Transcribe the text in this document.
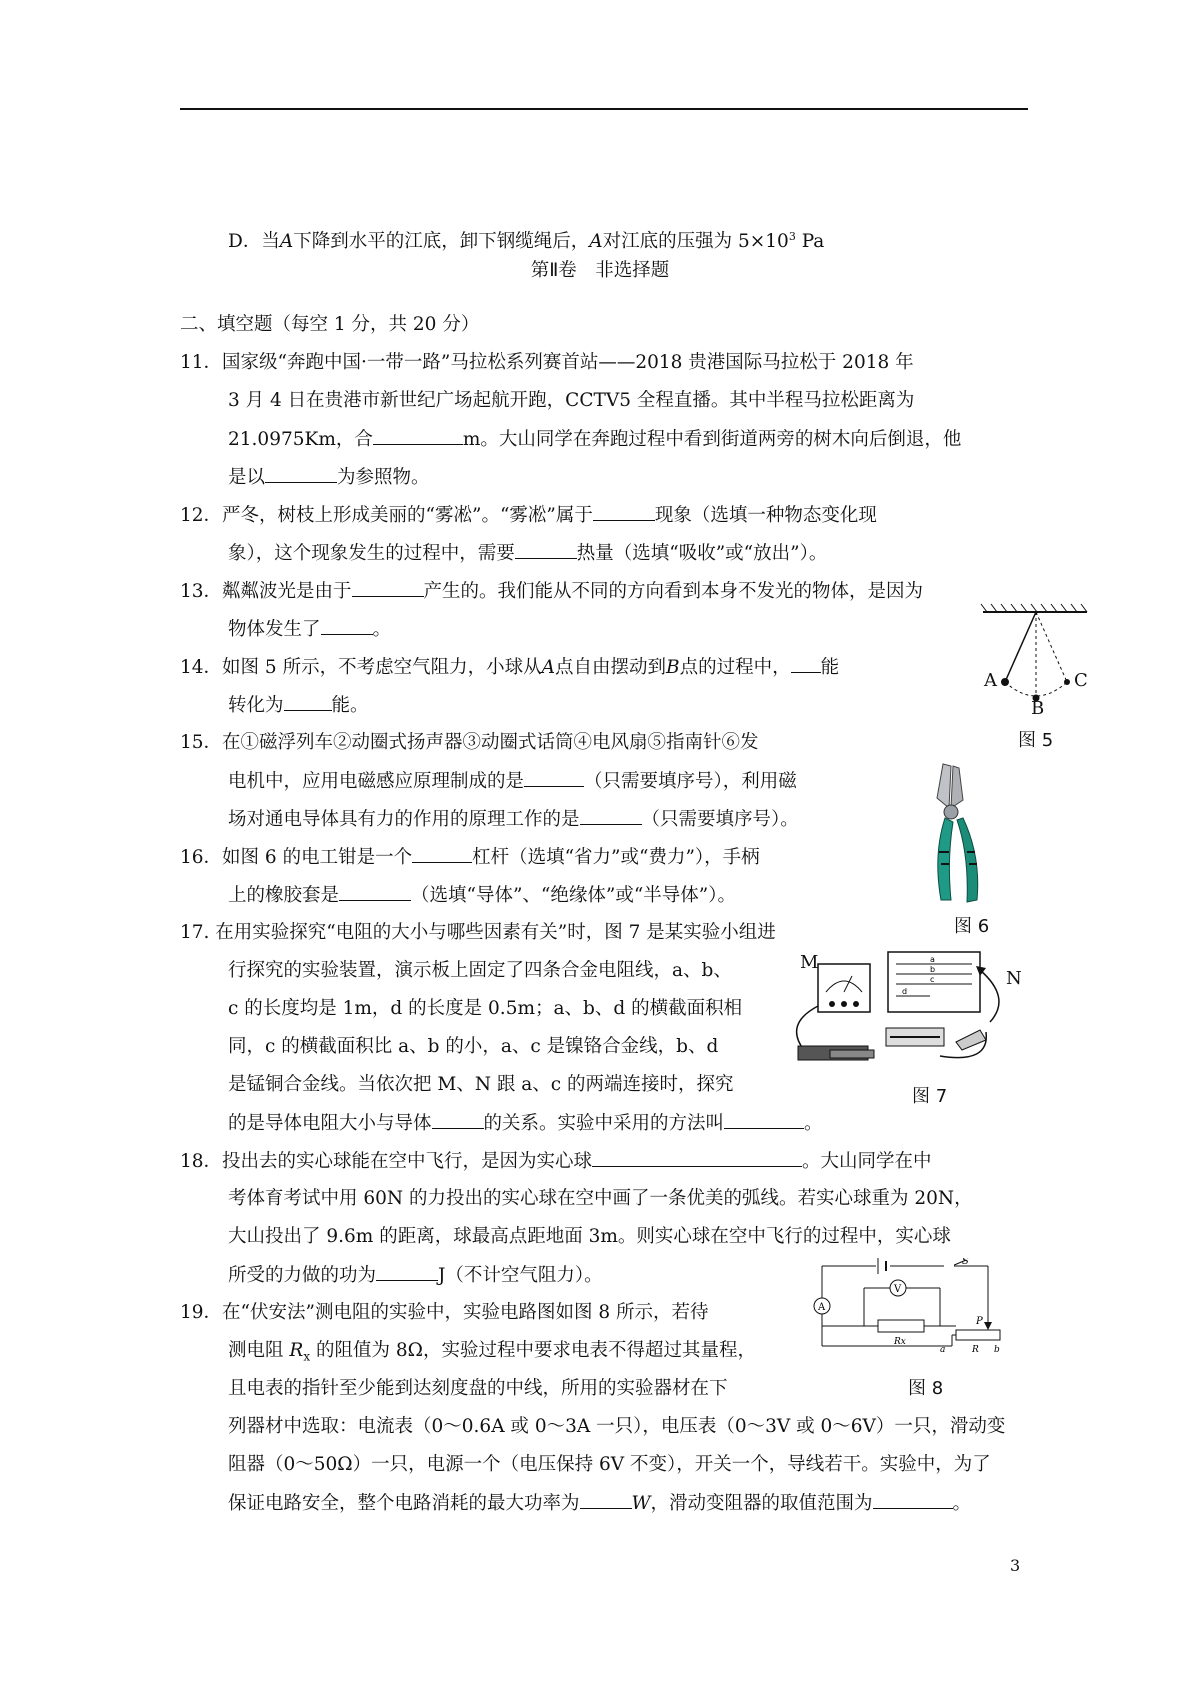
D．当A下降到水平的江底，卸下钢缆绳后，A对江底的压强为 $5\times 10^3$ Pa
第Ⅱ卷　非选择题
二、填空题（每空 1 分，共 20 分）
11．国家级“奔跑中国·一带一路”马拉松系列赛首站——2018 贵港国际马拉松于 2018 年
3 月 4 日在贵港市新世纪广场起航开跑，CCTV5 全程直播。其中半程马拉松距离为
21.0975Km，合	m。大山同学在奔跑过程中看到街道两旁的树木向后倒退，他
是以	为参照物。
12．严冬，树枝上形成美丽的“雾凇”。“雾凇”属于	现象（选填一种物态变化现
象），这个现象发生的过程中，需要	热量（选填“吸收”或“放出”）。
13．粼粼波光是由于	产生的。我们能从不同的方向看到本身不发光的物体，是因为
物体发生了	。
14．如图 5 所示，不考虑空气阻力，小球从A点自由摆动到B点的过程中， 能
转化为	能。
15．在①磁浮列车②动圈式扬声器③动圈式话筒④电风扇⑤指南针⑥发
电机中，应用电磁感应原理制成的是	（只需要填序号），利用磁
场对通电导体具有力的作用的原理工作的是	（只需要填序号）。
16．如图 6 的电工钳是一个	杠杆（选填“省力”或“费力”），手柄
上的橡胶套是	（选填“导体”、“绝缘体”或“半导体”）。
17. 在用实验探究“电阻的大小与哪些因素有关”时，图 7 是某实验小组进
行探究的实验装置，演示板上固定了四条合金电阻线，a、b、
c 的长度均是 1m，d 的长度是 0.5m；a、b、d 的横截面积相
同，c 的横截面积比 a、b 的小，a、c 是镍铬合金线，b、d
是锰铜合金线。当依次把 M、N 跟 a、c 的两端连接时，探究
的是导体电阻大小与导体	的关系。实验中采用的方法叫	。
18．投出去的实心球能在空中飞行，是因为实心球	。大山同学在中
考体育考试中用 60N 的力投出的实心球在空中画了一条优美的弧线。若实心球重为 20N，
大山投出了 9.6m 的距离，球最高点距地面 3m。则实心球在空中飞行的过程中，实心球
所受的力做的功为	J（不计空气阻力）。
19．在“伏安法”测电阻的实验中，实验电路图如图 8 所示，若待
测电阻 $R_x$ 的阻值为 8Ω，实验过程中要求电表不得超过其量程，
且电表的指针至少能到达刻度盘的中线，所用的实验器材在下
列器材中选取：电流表（0～0.6A 或 0～3A 一只），电压表（0～3V 或 0～6V）一只，滑动变
阻器（0～50Ω）一只，电源一个（电压保持 6V 不变），开关一个，导线若干。实验中，为了
保证电路安全，整个电路消耗的最大功率为	W，滑动变阻器的取值范围为	。
A
B
C
图 5
图 6
a
b
c
d
M
N
图 7
A
V
S
P
Rx
R
a	b
图 8
3
